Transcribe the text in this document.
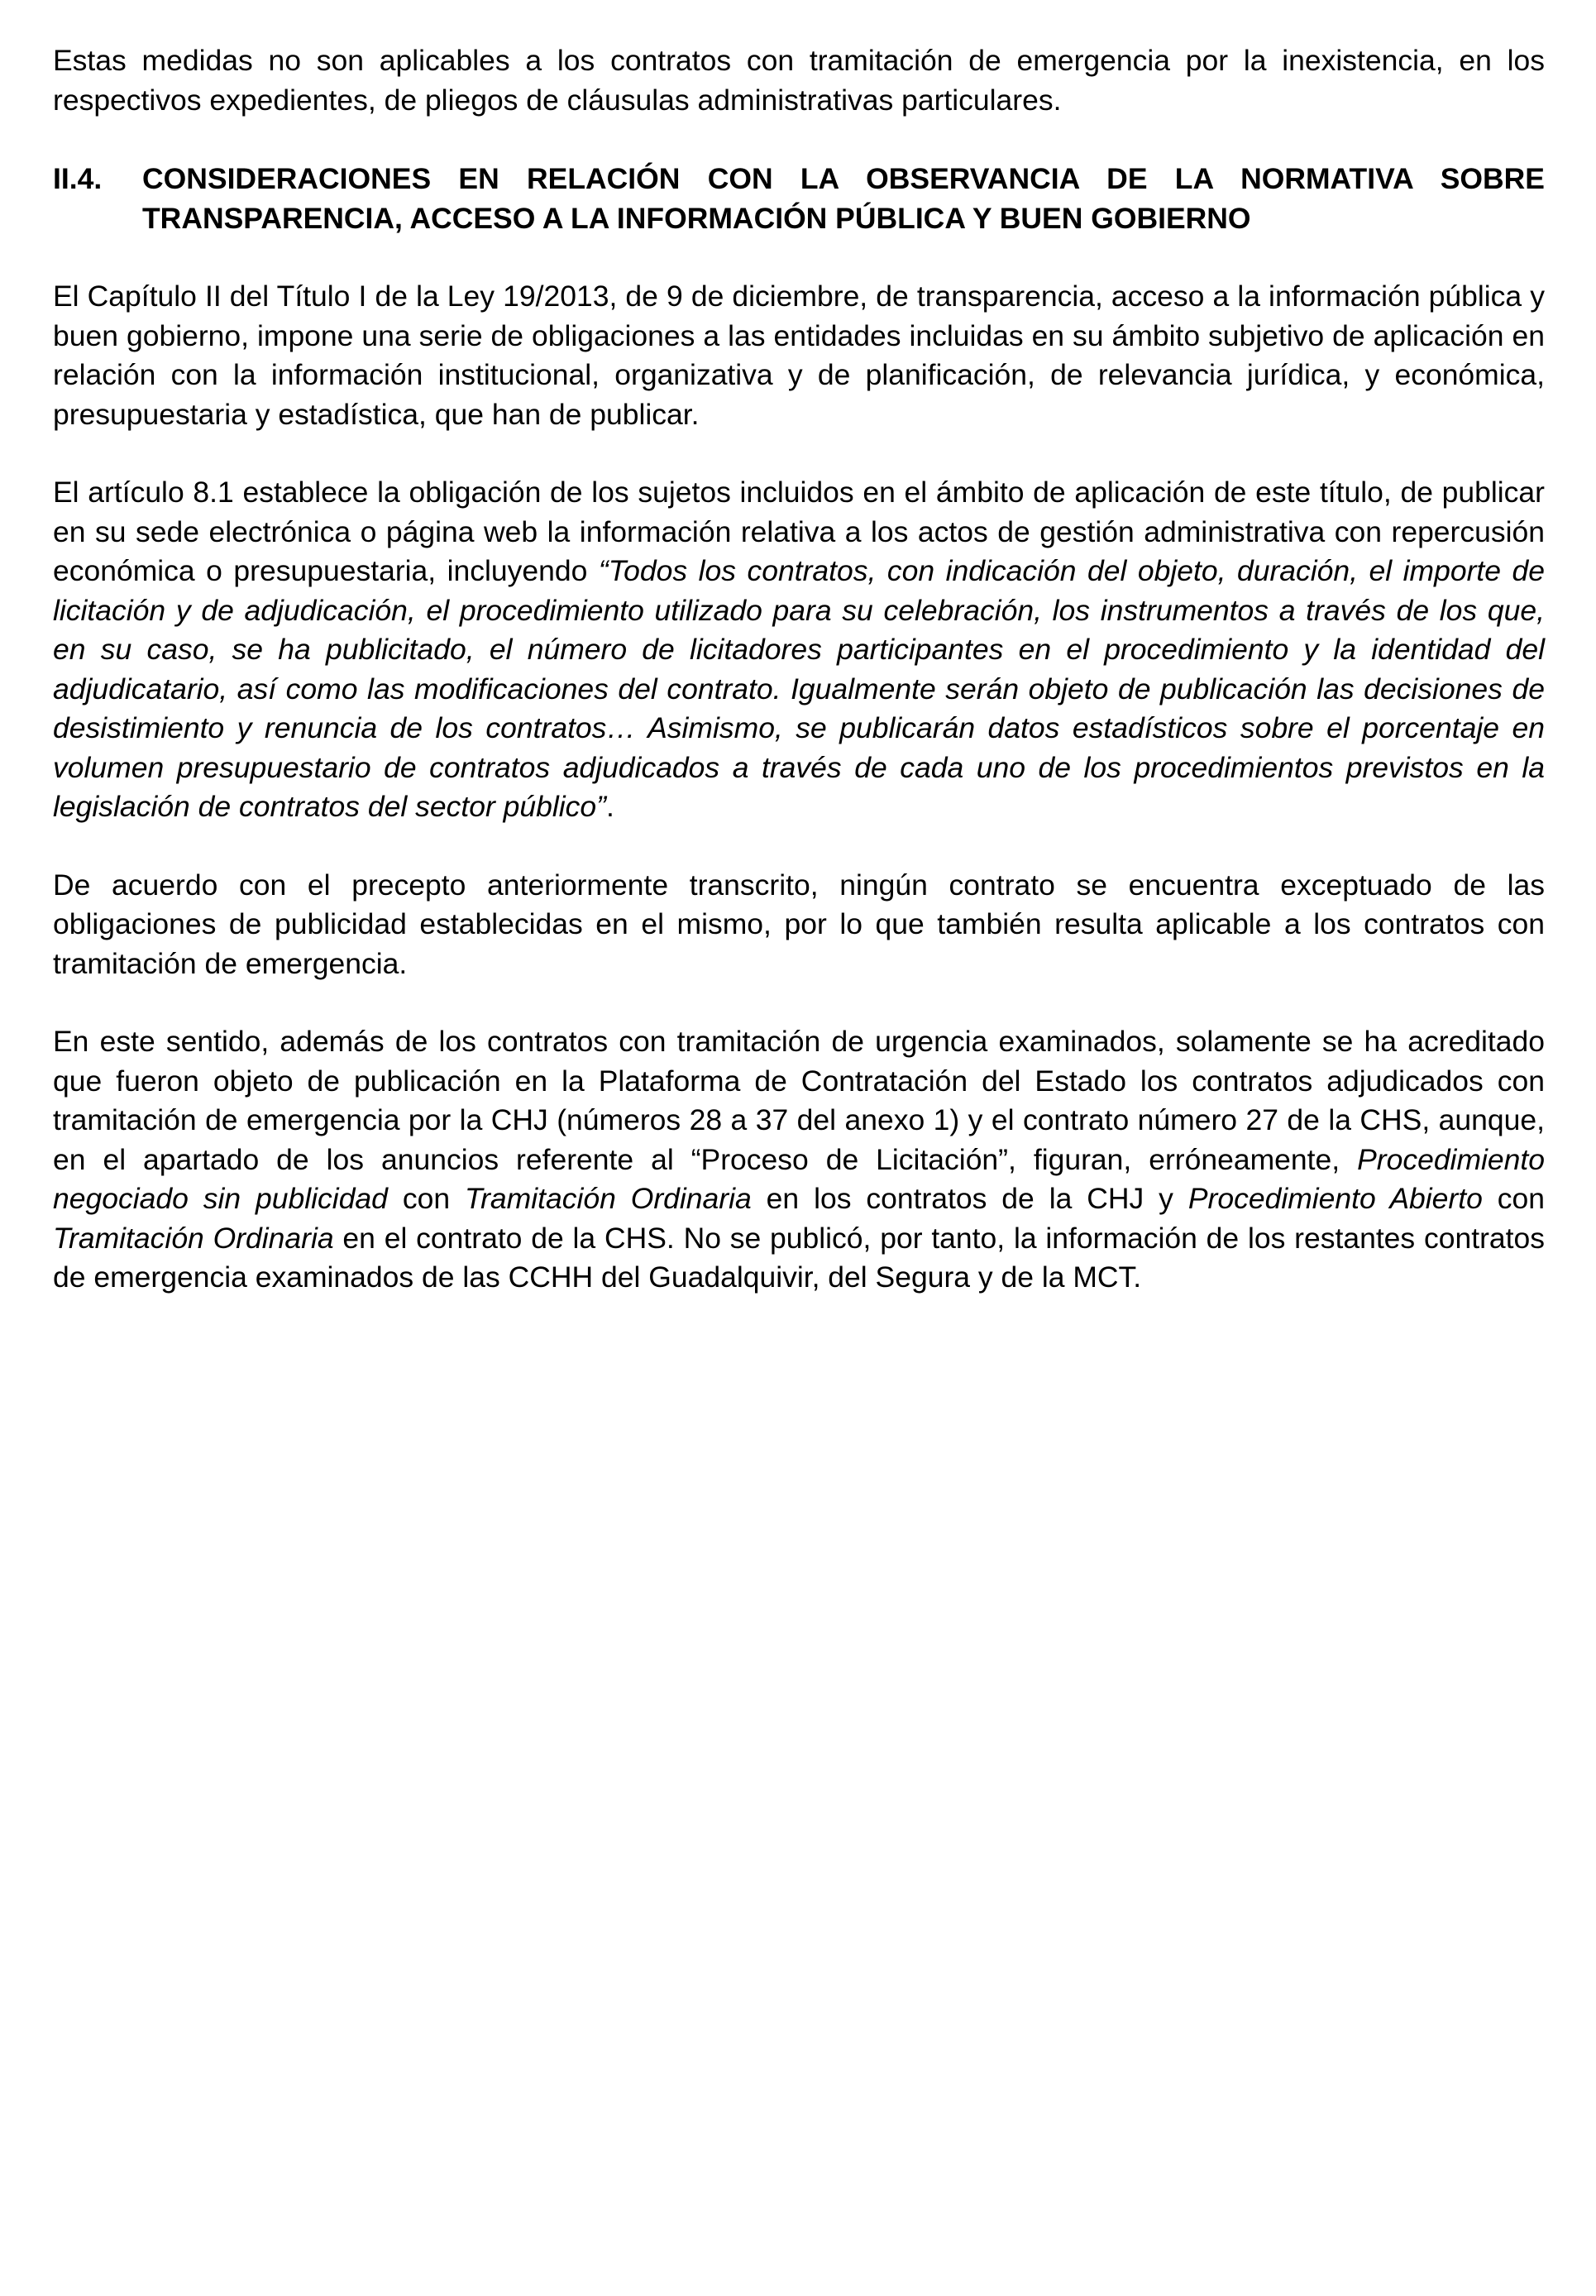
Estas medidas no son aplicables a los contratos con tramitación de emergencia por la inexistencia, en los respectivos expedientes, de pliegos de cláusulas administrativas particulares.

II.4.	CONSIDERACIONES EN RELACIÓN CON LA OBSERVANCIA DE LA NORMATIVA SOBRE TRANSPARENCIA, ACCESO A LA INFORMACIÓN PÚBLICA Y BUEN GOBIERNO

El Capítulo II del Título I de la Ley 19/2013, de 9 de diciembre, de transparencia, acceso a la información pública y buen gobierno, impone una serie de obligaciones a las entidades incluidas en su ámbito subjetivo de aplicación en relación con la información institucional, organizativa y de planificación, de relevancia jurídica, y económica, presupuestaria y estadística, que han de publicar.

El artículo 8.1 establece la obligación de los sujetos incluidos en el ámbito de aplicación de este título, de publicar en su sede electrónica o página web la información relativa a los actos de gestión administrativa con repercusión económica o presupuestaria, incluyendo “Todos los contratos, con indicación del objeto, duración, el importe de licitación y de adjudicación, el procedimiento utilizado para su celebración, los instrumentos a través de los que, en su caso, se ha publicitado, el número de licitadores participantes en el procedimiento y la identidad del adjudicatario, así como las modificaciones del contrato. Igualmente serán objeto de publicación las decisiones de desistimiento y renuncia de los contratos… Asimismo, se publicarán datos estadísticos sobre el porcentaje en volumen presupuestario de contratos adjudicados a través de cada uno de los procedimientos previstos en la legislación de contratos del sector público”.

De acuerdo con el precepto anteriormente transcrito, ningún contrato se encuentra exceptuado de las obligaciones de publicidad establecidas en el mismo, por lo que también resulta aplicable a los contratos con tramitación de emergencia.

En este sentido, además de los contratos con tramitación de urgencia examinados, solamente se ha acreditado que fueron objeto de publicación en la Plataforma de Contratación del Estado los contratos adjudicados con tramitación de emergencia por la CHJ (números 28 a 37 del anexo 1) y el contrato número 27 de la CHS, aunque, en el apartado de los anuncios referente al “Proceso de Licitación”, figuran, erróneamente, Procedimiento negociado sin publicidad con Tramitación Ordinaria en los contratos de la CHJ y Procedimiento Abierto con Tramitación Ordinaria en el contrato de la CHS. No se publicó, por tanto, la información de los restantes contratos de emergencia examinados de las CCHH del Guadalquivir, del Segura y de la MCT.
